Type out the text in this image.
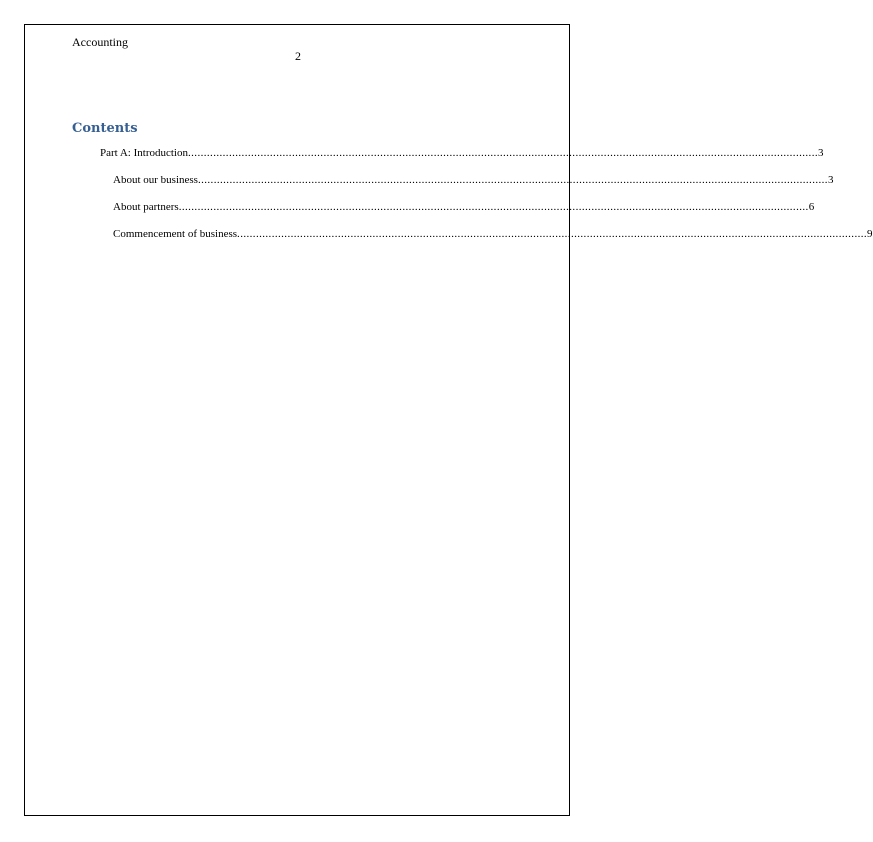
Accounting
2
Contents
Part A: Introduction ........................................................................................................................................................................................................ 3
About our business ........................................................................................................................................................................................................ 3
About partners ........................................................................................................................................................................................................ 6
Commencement of business ........................................................................................................................................................................................................ 9
